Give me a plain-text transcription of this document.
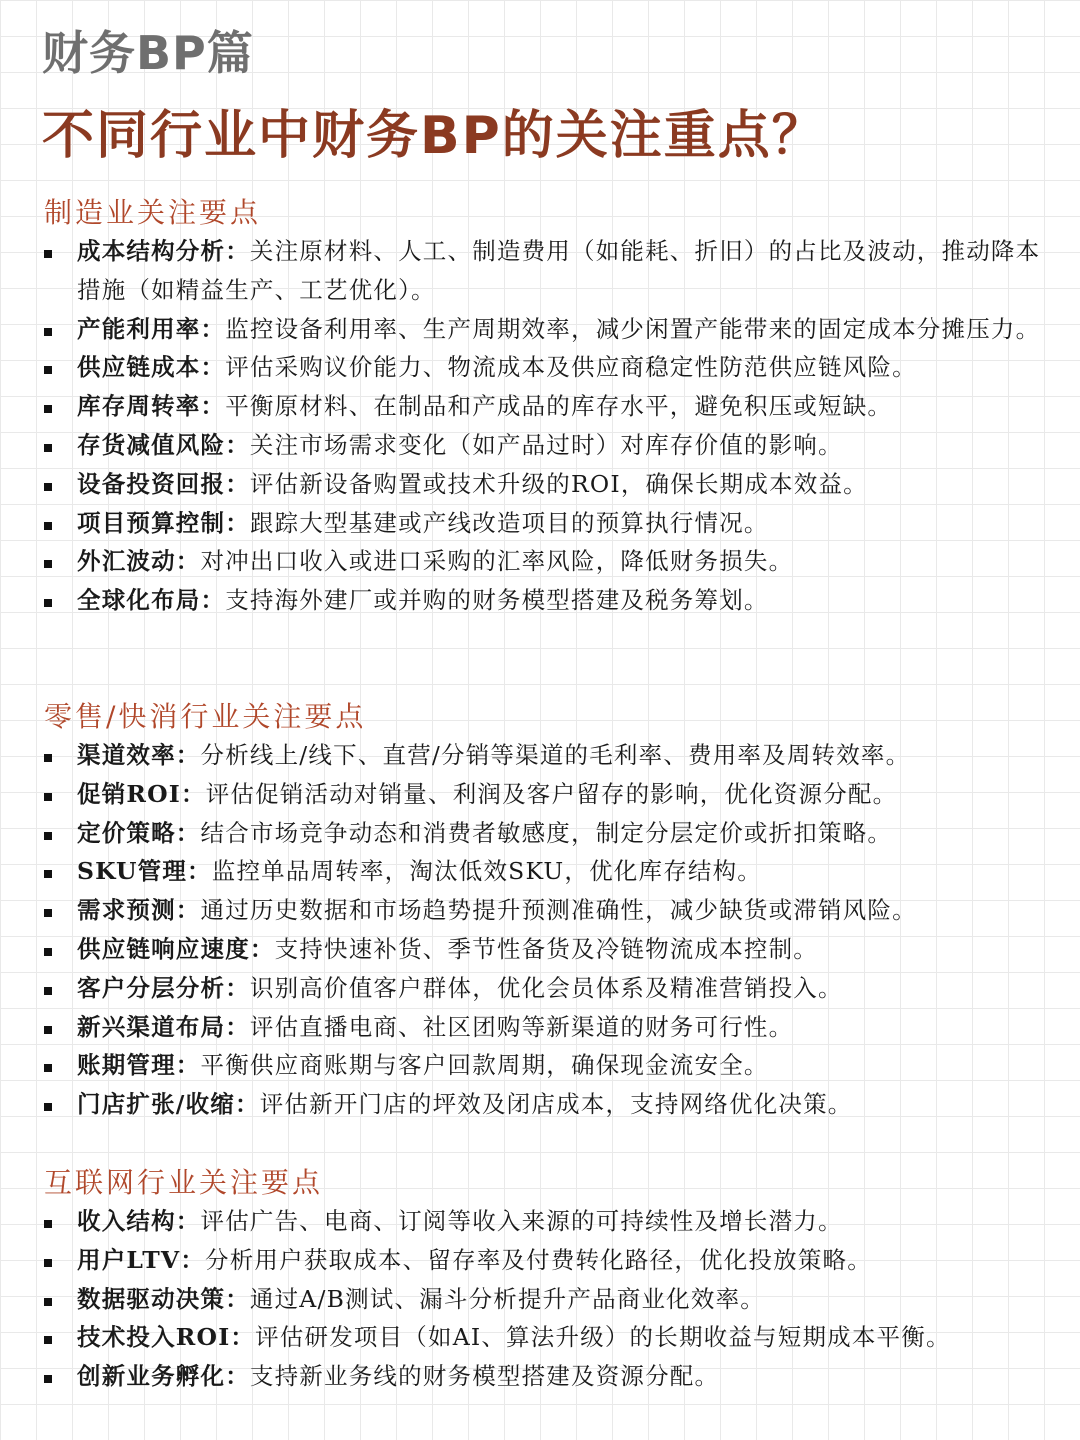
财务BP篇
不同行业中财务BP的关注重点？
制造业关注要点
成本结构分析：关注原材料、人工、制造费用（如能耗、折旧）的占比及波动，推动降本措施（如精益生产、工艺优化）。
产能利用率：监控设备利用率、生产周期效率，减少闲置产能带来的固定成本分摊压力。
供应链成本：评估采购议价能力、物流成本及供应商稳定性防范供应链风险。
库存周转率：平衡原材料、在制品和产成品的库存水平，避免积压或短缺。
存货减值风险：关注市场需求变化（如产品过时）对库存价值的影响。
设备投资回报：评估新设备购置或技术升级的ROI，确保长期成本效益。
项目预算控制：跟踪大型基建或产线改造项目的预算执行情况。
外汇波动：对冲出口收入或进口采购的汇率风险，降低财务损失。
全球化布局：支持海外建厂或并购的财务模型搭建及税务筹划。
零售/快消行业关注要点
渠道效率：分析线上/线下、直营/分销等渠道的毛利率、费用率及周转效率。
促销ROI：评估促销活动对销量、利润及客户留存的影响，优化资源分配。
定价策略：结合市场竞争动态和消费者敏感度，制定分层定价或折扣策略。
SKU管理：监控单品周转率，淘汰低效SKU，优化库存结构。
需求预测：通过历史数据和市场趋势提升预测准确性，减少缺货或滞销风险。
供应链响应速度：支持快速补货、季节性备货及冷链物流成本控制。
客户分层分析：识别高价值客户群体，优化会员体系及精准营销投入。
新兴渠道布局：评估直播电商、社区团购等新渠道的财务可行性。
账期管理：平衡供应商账期与客户回款周期，确保现金流安全。
门店扩张/收缩：评估新开门店的坪效及闭店成本，支持网络优化决策。
互联网行业关注要点
收入结构：评估广告、电商、订阅等收入来源的可持续性及增长潜力。
用户LTV：分析用户获取成本、留存率及付费转化路径，优化投放策略。
数据驱动决策：通过A/B测试、漏斗分析提升产品商业化效率。
技术投入ROI：评估研发项目（如AI、算法升级）的长期收益与短期成本平衡。
创新业务孵化：支持新业务线的财务模型搭建及资源分配。
